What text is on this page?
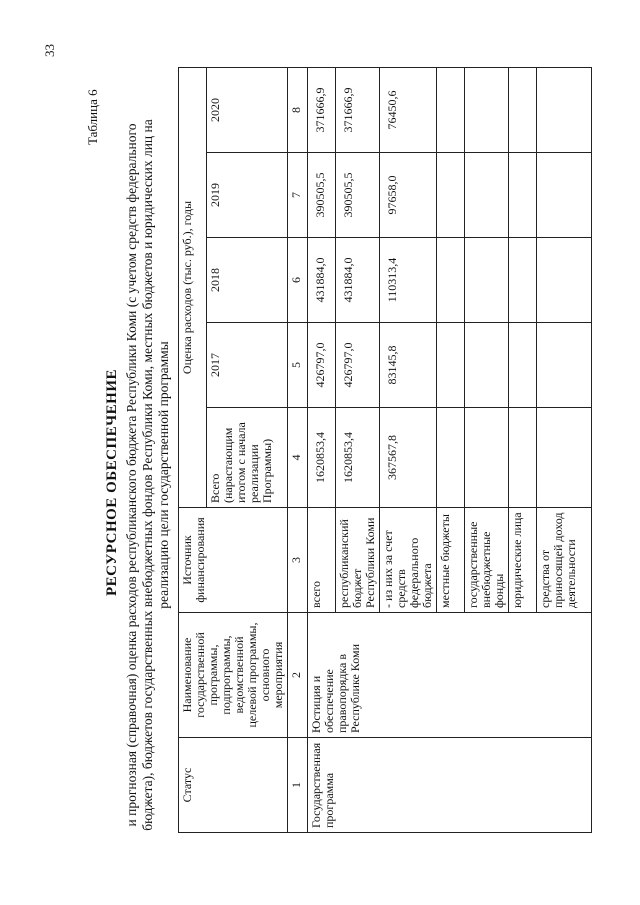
33
Таблица 6
РЕСУРСНОЕ ОБЕСПЕЧЕНИЕ и прогнозная (справочная) оценка расходов республиканского бюджета Республики Коми (с учетом средств федерального бюджета), бюджетов государственных внебюджетных фондов Республики Коми, местных бюджетов и юридических лиц на реализацию цели государственной программы
Статус	Наименование государственной программы, подпрограммы, ведомственной целевой программы, основного мероприятия	Источник финансирования	Оценка расходов (тыс. руб.), годы				
			Всего (нарастающим итогом с начала реализации Программы)	2017	2018	2019	2020
1	2	3	4	5	6	7	8
Государственная программа	Юстиция и обеспечение правопорядка в Республике Коми	всего	1620853,4	426797,0	431884,0	390505,5	371666,9
		республиканский бюджет Республики Коми	1620853,4	426797,0	431884,0	390505,5	371666,9
		- из них за счет средств федерального бюджета	367567,8	83145,8	110313,4	97658,0	76450,6
		местные бюджеты					
		государственные внебюджетные фонды					
		юридические лица					
		средства от приносящей доход деятельности					
